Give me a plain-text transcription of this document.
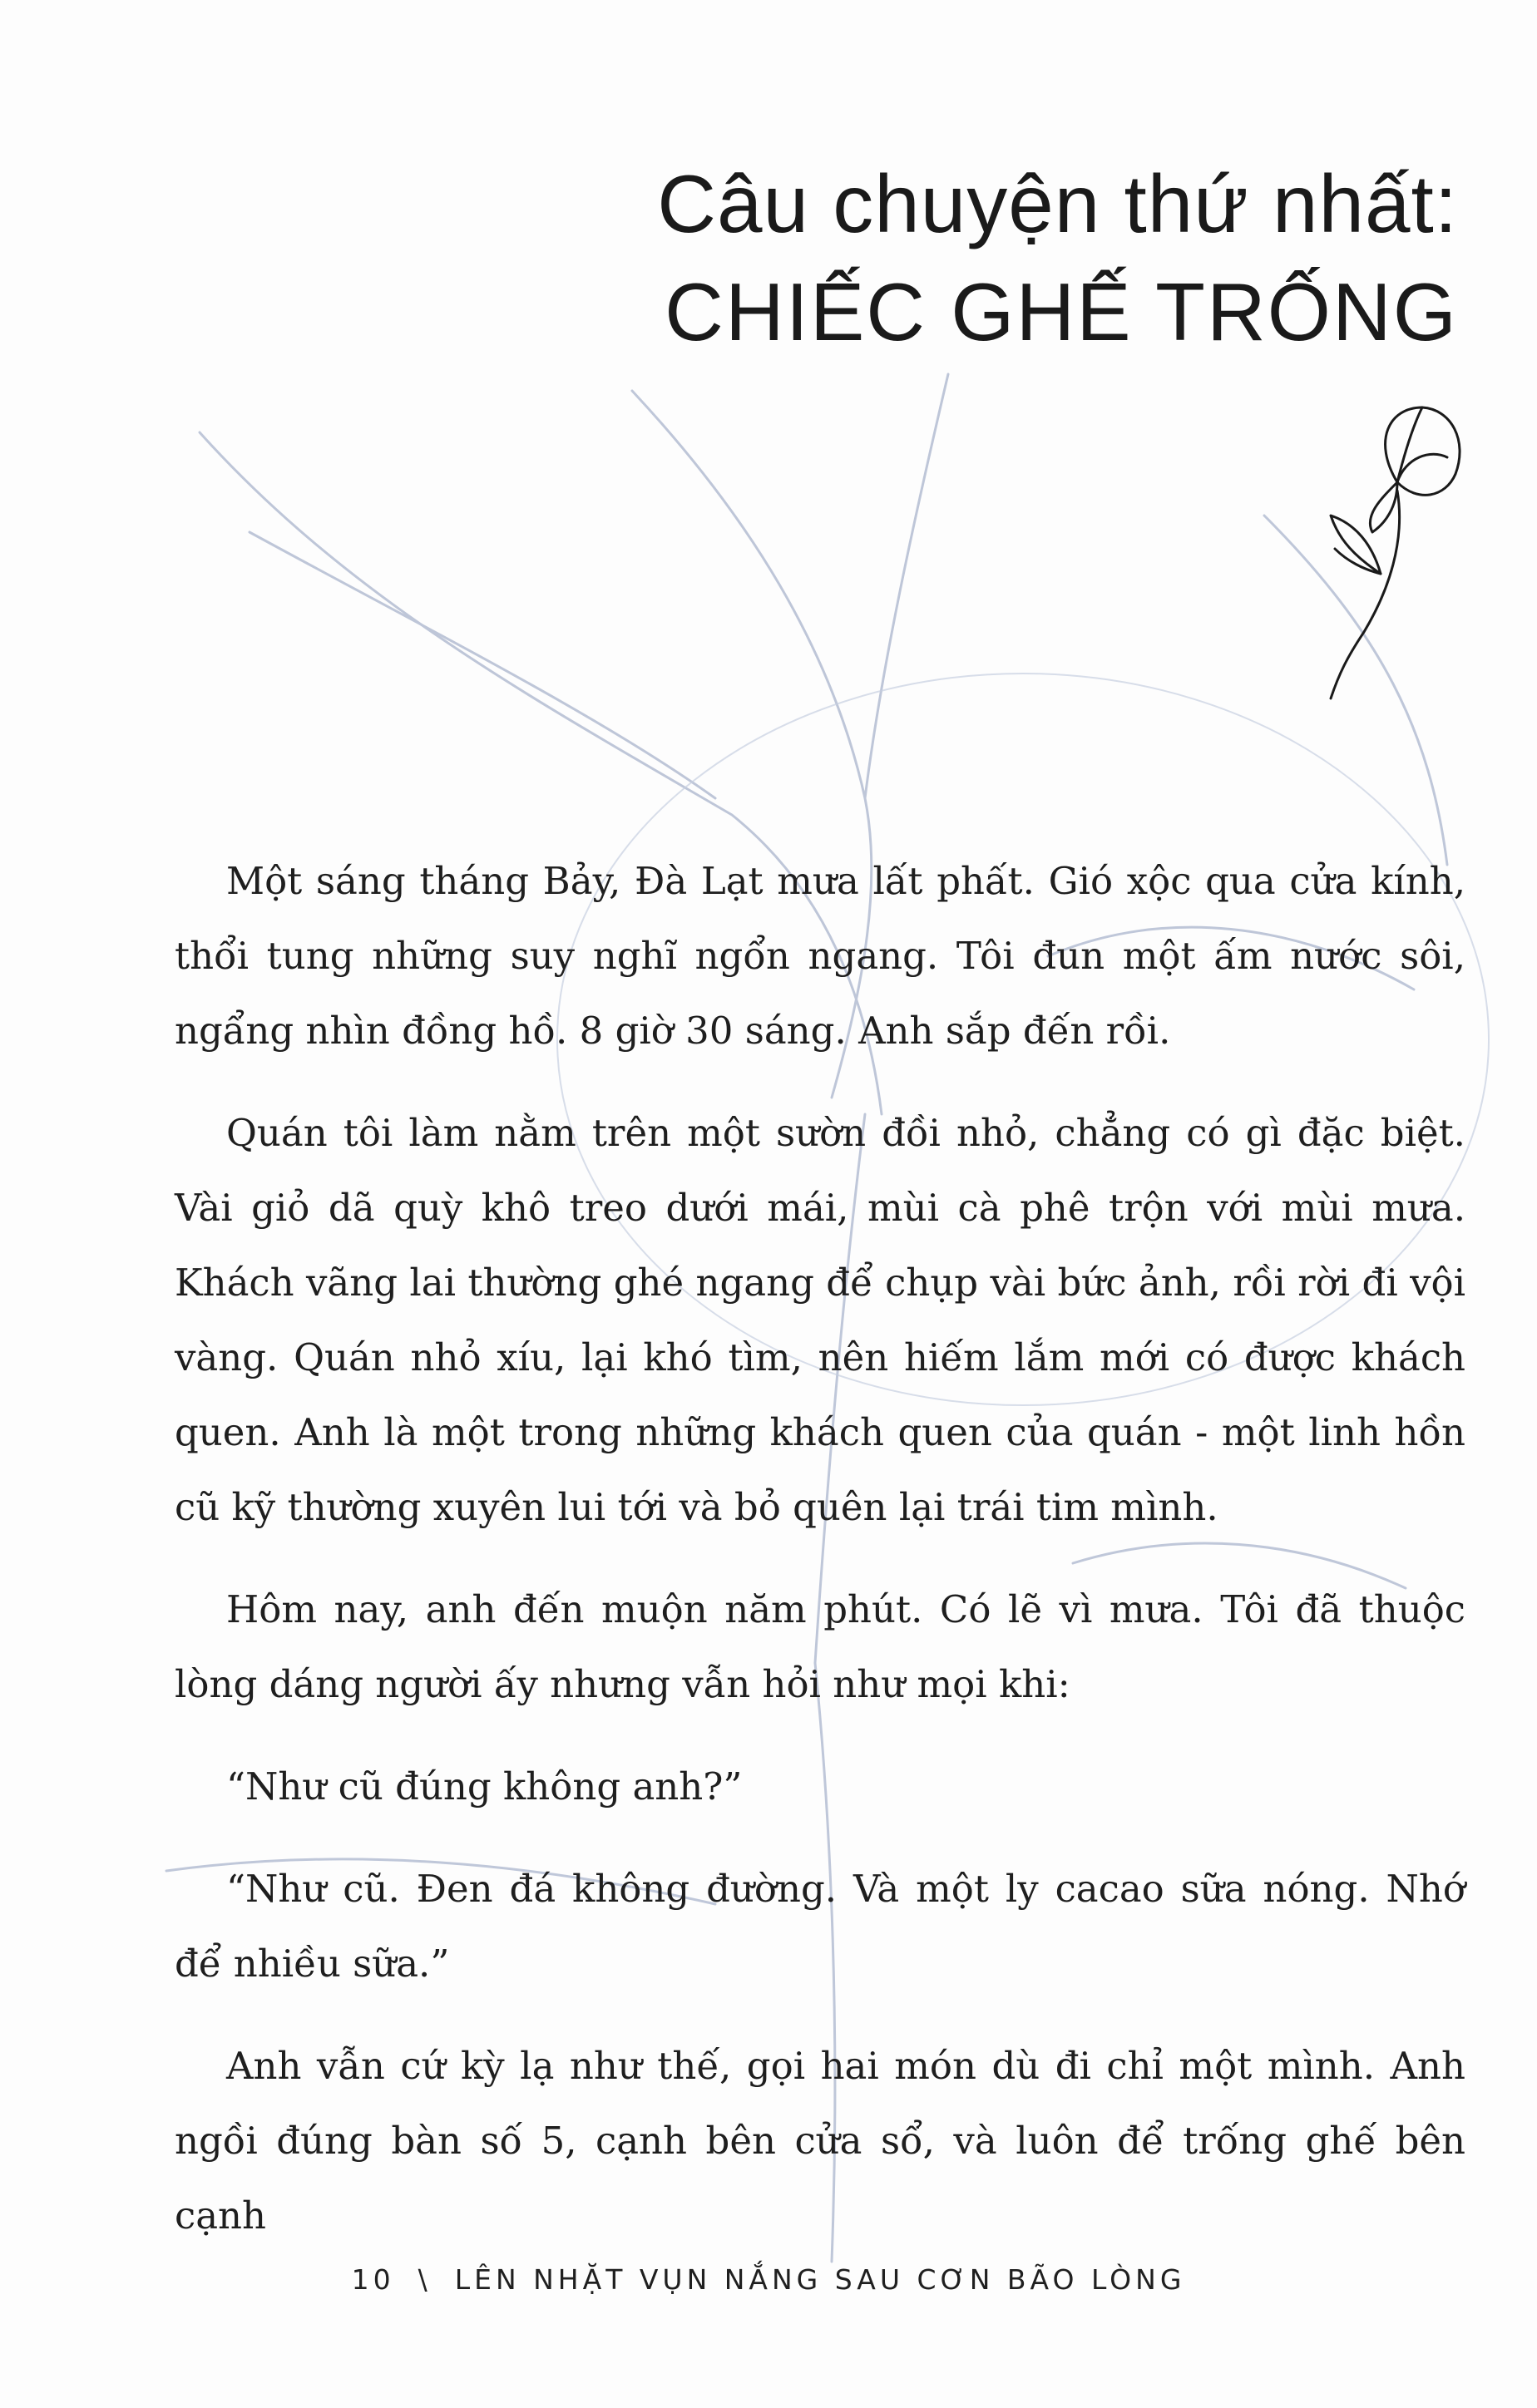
Câu chuyện thứ nhất:
CHIẾC GHẾ TRỐNG

Một sáng tháng Bảy, Đà Lạt mưa lất phất. Gió xộc qua cửa kính, thổi tung những suy nghĩ ngổn ngang. Tôi đun một ấm nước sôi, ngẩng nhìn đồng hồ. 8 giờ 30 sáng. Anh sắp đến rồi.

Quán tôi làm nằm trên một sườn đồi nhỏ, chẳng có gì đặc biệt. Vài giỏ dã quỳ khô treo dưới mái, mùi cà phê trộn với mùi mưa. Khách vãng lai thường ghé ngang để chụp vài bức ảnh, rồi rời đi vội vàng. Quán nhỏ xíu, lại khó tìm, nên hiếm lắm mới có được khách quen. Anh là một trong những khách quen của quán - một linh hồn cũ kỹ thường xuyên lui tới và bỏ quên lại trái tim mình.

Hôm nay, anh đến muộn năm phút. Có lẽ vì mưa. Tôi đã thuộc lòng dáng người ấy nhưng vẫn hỏi như mọi khi:

“Như cũ đúng không anh?”

“Như cũ. Đen đá không đường. Và một ly cacao sữa nóng. Nhớ để nhiều sữa.”

Anh vẫn cứ kỳ lạ như thế, gọi hai món dù đi chỉ một mình. Anh ngồi đúng bàn số 5, cạnh bên cửa sổ, và luôn để trống ghế bên cạnh

10 \ LÊN NHẶT VỤN NẮNG SAU CƠN BÃO LÒNG
